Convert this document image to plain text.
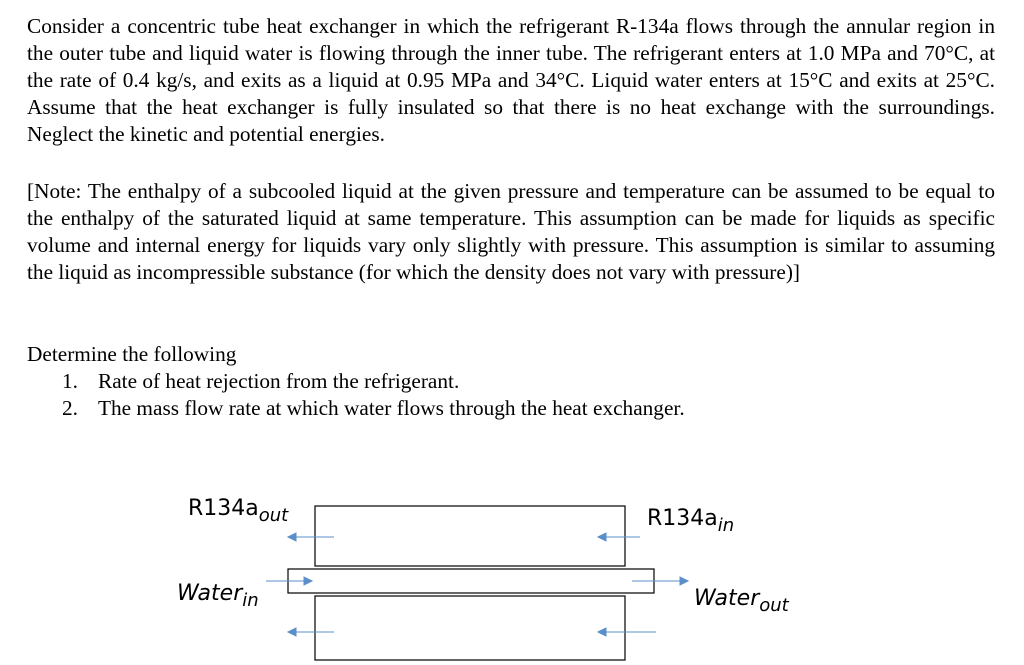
Consider a concentric tube heat exchanger in which the refrigerant R-134a flows through the annular region in the outer tube and liquid water is flowing through the inner tube. The refrigerant enters at 1.0 MPa and 70°C, at the rate of 0.4 kg/s, and exits as a liquid at 0.95 MPa and 34°C. Liquid water enters at 15°C and exits at 25°C. Assume that the heat exchanger is fully insulated so that there is no heat exchange with the surroundings. Neglect the kinetic and potential energies.

[Note: The enthalpy of a subcooled liquid at the given pressure and temperature can be assumed to be equal to the enthalpy of the saturated liquid at same temperature. This assumption can be made for liquids as specific volume and internal energy for liquids vary only slightly with pressure. This assumption is similar to assuming the liquid as incompressible substance (for which the density does not vary with pressure)]

Determine the following

1. Rate of heat rejection from the refrigerant.
2. The mass flow rate at which water flows through the heat exchanger.
$R134a_{out}$	$R134a_{in}$
Water$_{in}$	Water$_{out}$
